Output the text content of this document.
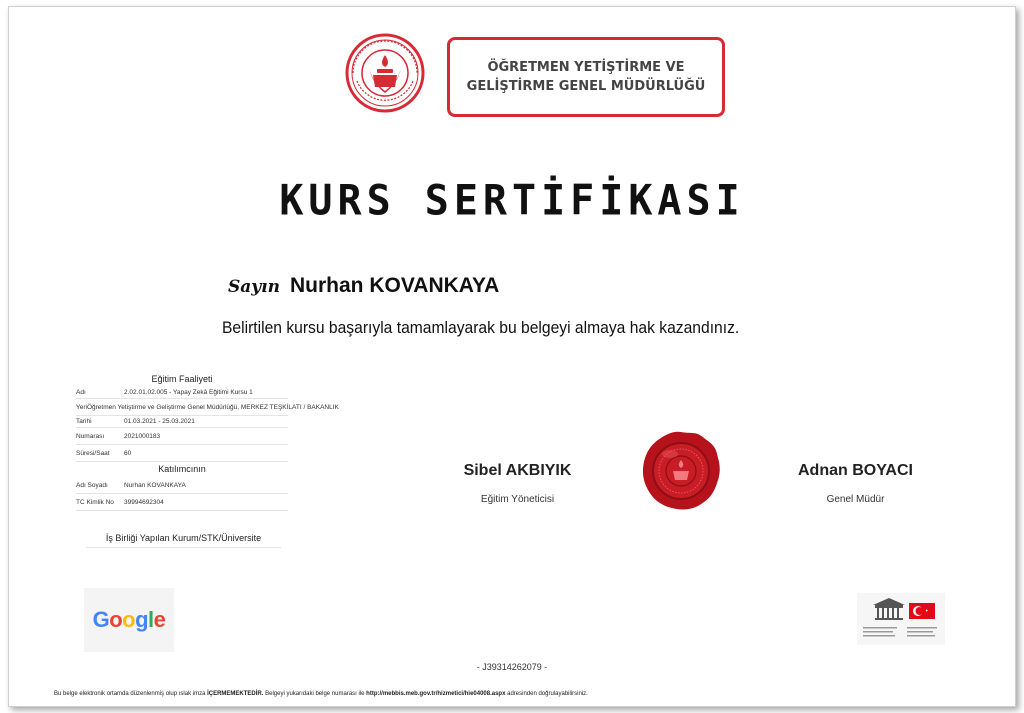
ÖĞRETMEN YETİŞTİRME VE GELİŞTİRME GENEL MÜDÜRLÜĞÜ
KURS SERTİFİKASI
Sayın Nurhan KOVANKAYA
Belirtilen kursu başarıyla tamamlayarak bu belgeyi almaya hak kazandınız.
Eğitim Faaliyeti
Adı	2.02.01.02.005 - Yapay Zekâ Eğitimi Kursu 1
Yeri Öğretmen Yetiştirme ve Geliştirme Genel Müdürlüğü, MERKEZ TEŞKİLATI / BAKANLIK
Tarihi	01.03.2021 - 25.03.2021
Numarası	2021000183
Süresi/Saat	60
Katılımcının
Adı Soyadı	Nurhan KOVANKAYA
TC Kimlik No	39994692304
İş Birliği Yapılan Kurum/STK/Üniversite
Sibel AKBIYIK
Eğitim Yöneticisi
Adnan BOYACI
Genel Müdür
Google
- J39314262079 -
Bu belge elektronik ortamda düzenlenmiş olup ıslak imza İÇERMEMEKTEDİR. Belgeyi yukarıdaki belge numarası ile http://mebbis.meb.gov.tr/hizmetici/hie04008.aspx adresinden doğrulayabilirsiniz.
